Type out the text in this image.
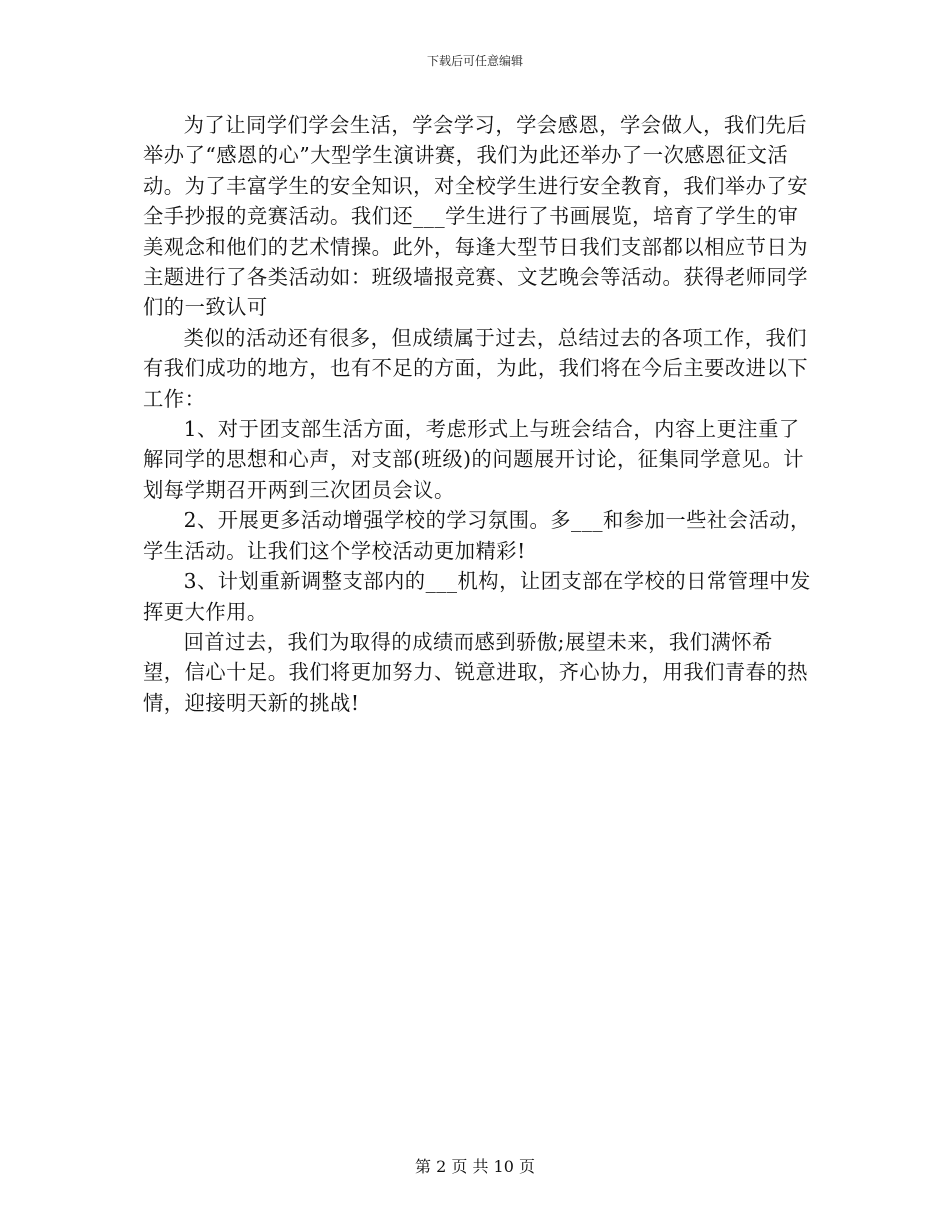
下载后可任意编辑

为了让同学们学会生活，学会学习，学会感恩，学会做人，我们先后举办了“感恩的心”大型学生演讲赛，我们为此还举办了一次感恩征文活动。为了丰富学生的安全知识，对全校学生进行安全教育，我们举办了安全手抄报的竞赛活动。我们还___学生进行了书画展览，培育了学生的审美观念和他们的艺术情操。此外，每逢大型节日我们支部都以相应节日为主题进行了各类活动如：班级墙报竞赛、文艺晚会等活动。获得老师同学们的一致认可

类似的活动还有很多，但成绩属于过去，总结过去的各项工作，我们有我们成功的地方，也有不足的方面，为此，我们将在今后主要改进以下工作：

1、对于团支部生活方面，考虑形式上与班会结合，内容上更注重了解同学的思想和心声，对支部(班级)的问题展开讨论，征集同学意见。计划每学期召开两到三次团员会议。

2、开展更多活动增强学校的学习氛围。多___和参加一些社会活动，学生活动。让我们这个学校活动更加精彩!

3、计划重新调整支部内的___机构，让团支部在学校的日常管理中发挥更大作用。

回首过去，我们为取得的成绩而感到骄傲;展望未来，我们满怀希望，信心十足。我们将更加努力、锐意进取，齐心协力，用我们青春的热情，迎接明天新的挑战!

第 2 页 共 10 页
